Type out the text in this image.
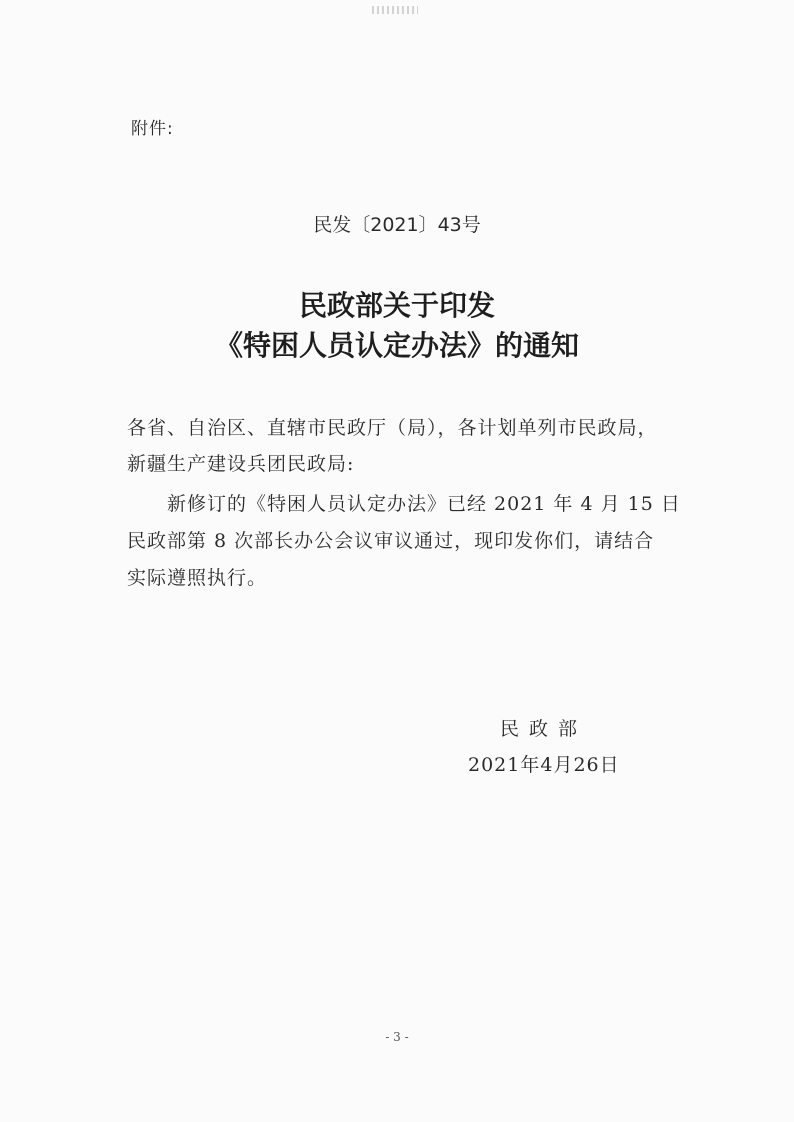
附件:
民发〔2021〕43号
民政部关于印发
《特困人员认定办法》的通知
各省、自治区、直辖市民政厅（局），各计划单列市民政局，
新疆生产建设兵团民政局:
　　新修订的《特困人员认定办法》已经 2021 年 4 月 15 日
民政部第 8 次部长办公会议审议通过，现印发你们，请结合
实际遵照执行。
民政部
2021年4月26日
- 3 -
